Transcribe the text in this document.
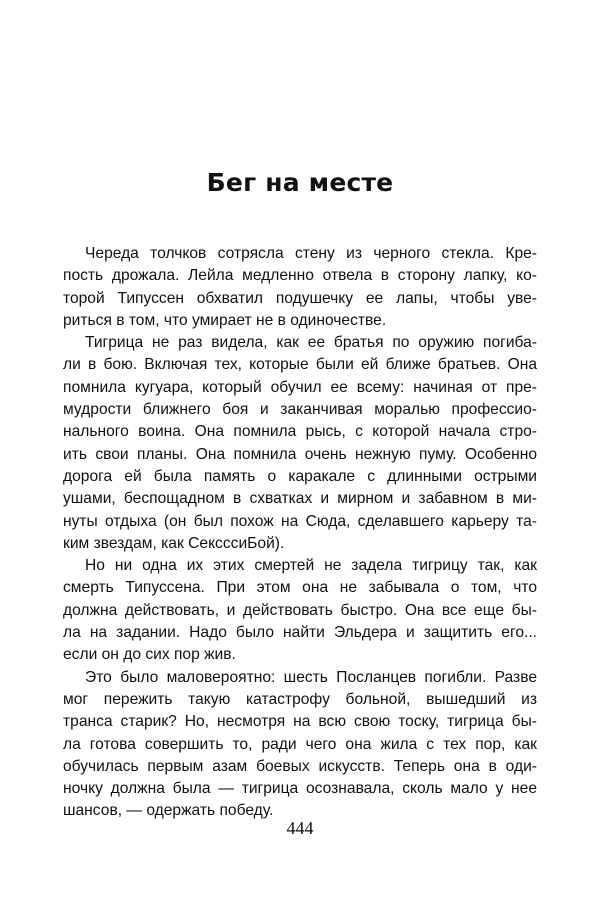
Бег на месте
Череда толчков сотрясла стену из черного стекла. Кре-
пость дрожала. Лейла медленно отвела в сторону лапку, ко-
торой Типуссен обхватил подушечку ее лапы, чтобы уве-
риться в том, что умирает не в одиночестве.
Тигрица не раз видела, как ее братья по оружию погиба-
ли в бою. Включая тех, которые были ей ближе братьев. Она
помнила кугуара, который обучил ее всему: начиная от пре-
мудрости ближнего боя и заканчивая моралью профессио-
нального воина. Она помнила рысь, с которой начала стро-
ить свои планы. Она помнила очень нежную пуму. Особенно
дорога ей была память о каракале с длинными острыми
ушами, беспощадном в схватках и мирном и забавном в ми-
нуты отдыха (он был похож на Сюда, сделавшего карьеру та-
ким звездам, как СексссиБой).
Но ни одна их этих смертей не задела тигрицу так, как
смерть Типуссена. При этом она не забывала о том, что
должна действовать, и действовать быстро. Она все еще бы-
ла на задании. Надо было найти Эльдера и защитить его...
если он до сих пор жив.
Это было маловероятно: шесть Посланцев погибли. Разве
мог пережить такую катастрофу больной, вышедший из
транса старик? Но, несмотря на всю свою тоску, тигрица бы-
ла готова совершить то, ради чего она жила с тех пор, как
обучилась первым азам боевых искусств. Теперь она в оди-
ночку должна была — тигрица осознавала, сколь мало у нее
шансов, — одержать победу.
444
